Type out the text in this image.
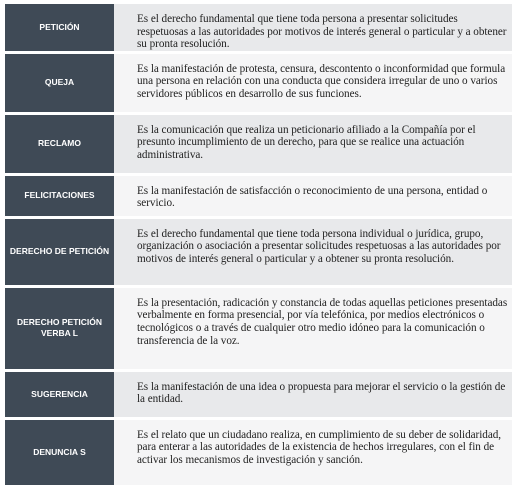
PETICIÓN	Es el derecho fundamental que tiene toda persona a presentar solicitudes respetuosas a las autoridades por motivos de interés general o particular y a obtener su pronta resolución.
QUEJA	Es la manifestación de protesta, censura, descontento o inconformidad que formula una persona en relación con una conducta que considera irregular de uno o varios servidores públicos en desarrollo de sus funciones.
RECLAMO	Es la comunicación que realiza un peticionario afiliado a la Compañía por el presunto incumplimiento de un derecho, para que se realice una actuación administrativa.
FELICITACIONES	Es la manifestación de satisfacción o reconocimiento de una persona, entidad o servicio.
DERECHO DE PETICIÓN	Es el derecho fundamental que tiene toda persona individual o jurídica, grupo, organización o asociación a presentar solicitudes respetuosas a las autoridades por motivos de interés general o particular y a obtener su pronta resolución.
DERECHO PETICIÓN VERBA L	Es la presentación, radicación y constancia de todas aquellas peticiones presentadas verbalmente en forma presencial, por vía telefónica, por medios electrónicos o tecnológicos o a través de cualquier otro medio idóneo para la comunicación o transferencia de la voz.
SUGERENCIA	Es la manifestación de una idea o propuesta para mejorar el servicio o la gestión de la entidad.
DENUNCIA S	Es el relato que un ciudadano realiza, en cumplimiento de su deber de solidaridad, para enterar a las autoridades de la existencia de hechos irregulares, con el fin de activar los mecanismos de investigación y sanción.
